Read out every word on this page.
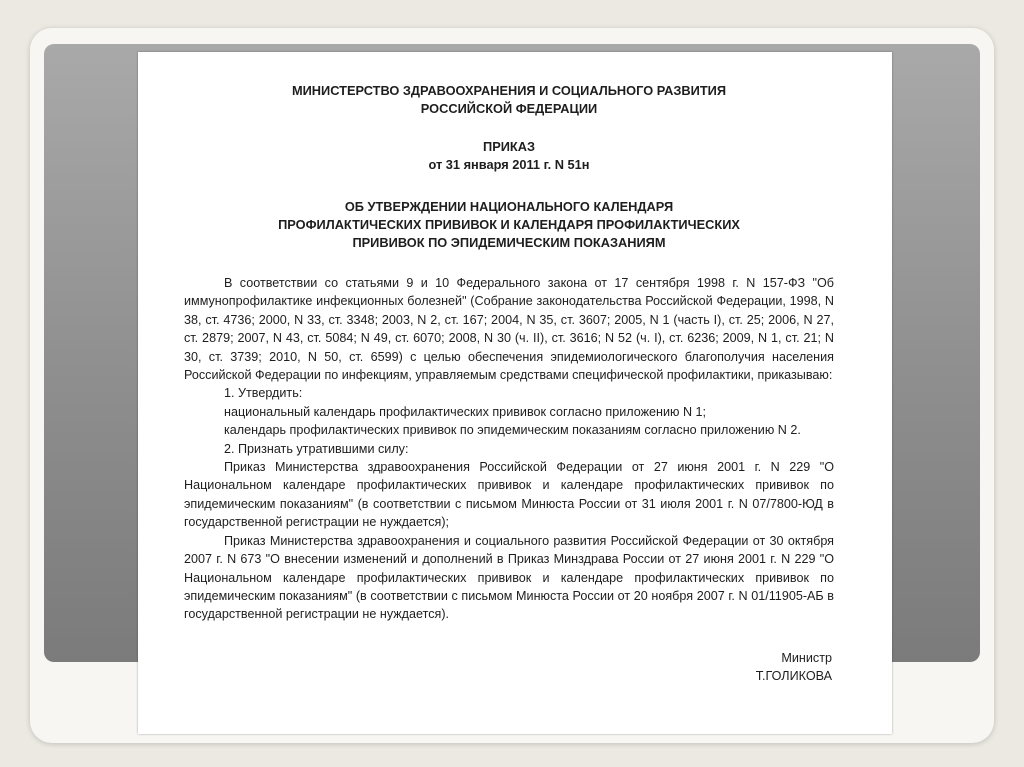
МИНИСТЕРСТВО ЗДРАВООХРАНЕНИЯ И СОЦИАЛЬНОГО РАЗВИТИЯ
РОССИЙСКОЙ ФЕДЕРАЦИИ
ПРИКАЗ
от 31 января 2011 г. N 51н
ОБ УТВЕРЖДЕНИИ НАЦИОНАЛЬНОГО КАЛЕНДАРЯ
ПРОФИЛАКТИЧЕСКИХ ПРИВИВОК И КАЛЕНДАРЯ ПРОФИЛАКТИЧЕСКИХ
ПРИВИВОК ПО ЭПИДЕМИЧЕСКИМ ПОКАЗАНИЯМ

В соответствии со статьями 9 и 10 Федерального закона от 17 сентября 1998 г. N 157-ФЗ "Об иммунопрофилактике инфекционных болезней" (Собрание законодательства Российской Федерации, 1998, N 38, ст. 4736; 2000, N 33, ст. 3348; 2003, N 2, ст. 167; 2004, N 35, ст. 3607; 2005, N 1 (часть I), ст. 25; 2006, N 27, ст. 2879; 2007, N 43, ст. 5084; N 49, ст. 6070; 2008, N 30 (ч. II), ст. 3616; N 52 (ч. I), ст. 6236; 2009, N 1, ст. 21; N 30, ст. 3739; 2010, N 50, ст. 6599) с целью обеспечения эпидемиологического благополучия населения Российской Федерации по инфекциям, управляемым средствами специфической профилактики, приказываю:

1. Утвердить:

национальный календарь профилактических прививок согласно приложению N 1;

календарь профилактических прививок по эпидемическим показаниям согласно приложению N 2.

2. Признать утратившими силу:

Приказ Министерства здравоохранения Российской Федерации от 27 июня 2001 г. N 229 "О Национальном календаре профилактических прививок и календаре профилактических прививок по эпидемическим показаниям" (в соответствии с письмом Минюста России от 31 июля 2001 г. N 07/7800-ЮД в государственной регистрации не нуждается);

Приказ Министерства здравоохранения и социального развития Российской Федерации от 30 октября 2007 г. N 673 "О внесении изменений и дополнений в Приказ Минздрава России от 27 июня 2001 г. N 229 "О Национальном календаре профилактических прививок и календаре профилактических прививок по эпидемическим показаниям" (в соответствии с письмом Минюста России от 20 ноября 2007 г. N 01/11905-АБ в государственной регистрации не нуждается).

Министр
Т.ГОЛИКОВА
